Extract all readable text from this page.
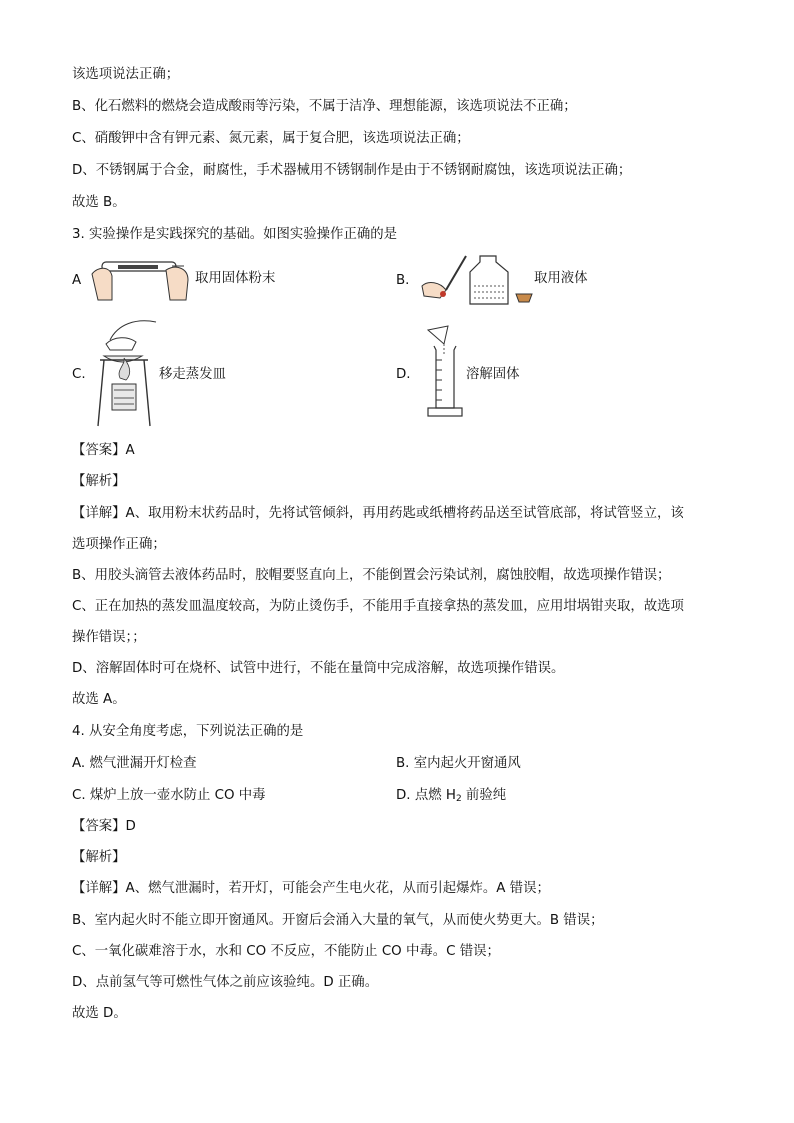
该选项说法正确；
B、化石燃料的燃烧会造成酸雨等污染，不属于洁净、理想能源，该选项说法不正确；
C、硝酸钾中含有钾元素、氮元素，属于复合肥，该选项说法正确；
D、不锈钢属于合金，耐腐性，手术器械用不锈钢制作是由于不锈钢耐腐蚀，该选项说法正确；
故选 B。
3. 实验操作是实践探究的基础。如图实验操作正确的是
A	取用固体粉末	B.	取用液体
C.	移走蒸发皿	D.	溶解固体
【答案】A
【解析】
【详解】A、取用粉末状药品时，先将试管倾斜，再用药匙或纸槽将药品送至试管底部，将试管竖立，该
选项操作正确；
B、用胶头滴管去液体药品时，胶帽要竖直向上，不能倒置会污染试剂，腐蚀胶帽，故选项操作错误；
C、正在加热的蒸发皿温度较高，为防止烫伤手，不能用手直接拿热的蒸发皿，应用坩埚钳夹取，故选项
操作错误；；
D、溶解固体时可在烧杯、试管中进行，不能在量筒中完成溶解，故选项操作错误。
故选 A。
4. 从安全角度考虑，下列说法正确的是
A. 燃气泄漏开灯检查	B. 室内起火开窗通风
C. 煤炉上放一壶水防止 CO 中毒	D. 点燃 $H_2$ 前验纯
【答案】D
【解析】
【详解】A、燃气泄漏时，若开灯，可能会产生电火花，从而引起爆炸。A 错误；
B、室内起火时不能立即开窗通风。开窗后会涌入大量的氧气，从而使火势更大。B 错误；
C、一氧化碳难溶于水，水和 CO 不反应，不能防止 CO 中毒。C 错误；
D、点前氢气等可燃性气体之前应该验纯。D 正确。
故选 D。
